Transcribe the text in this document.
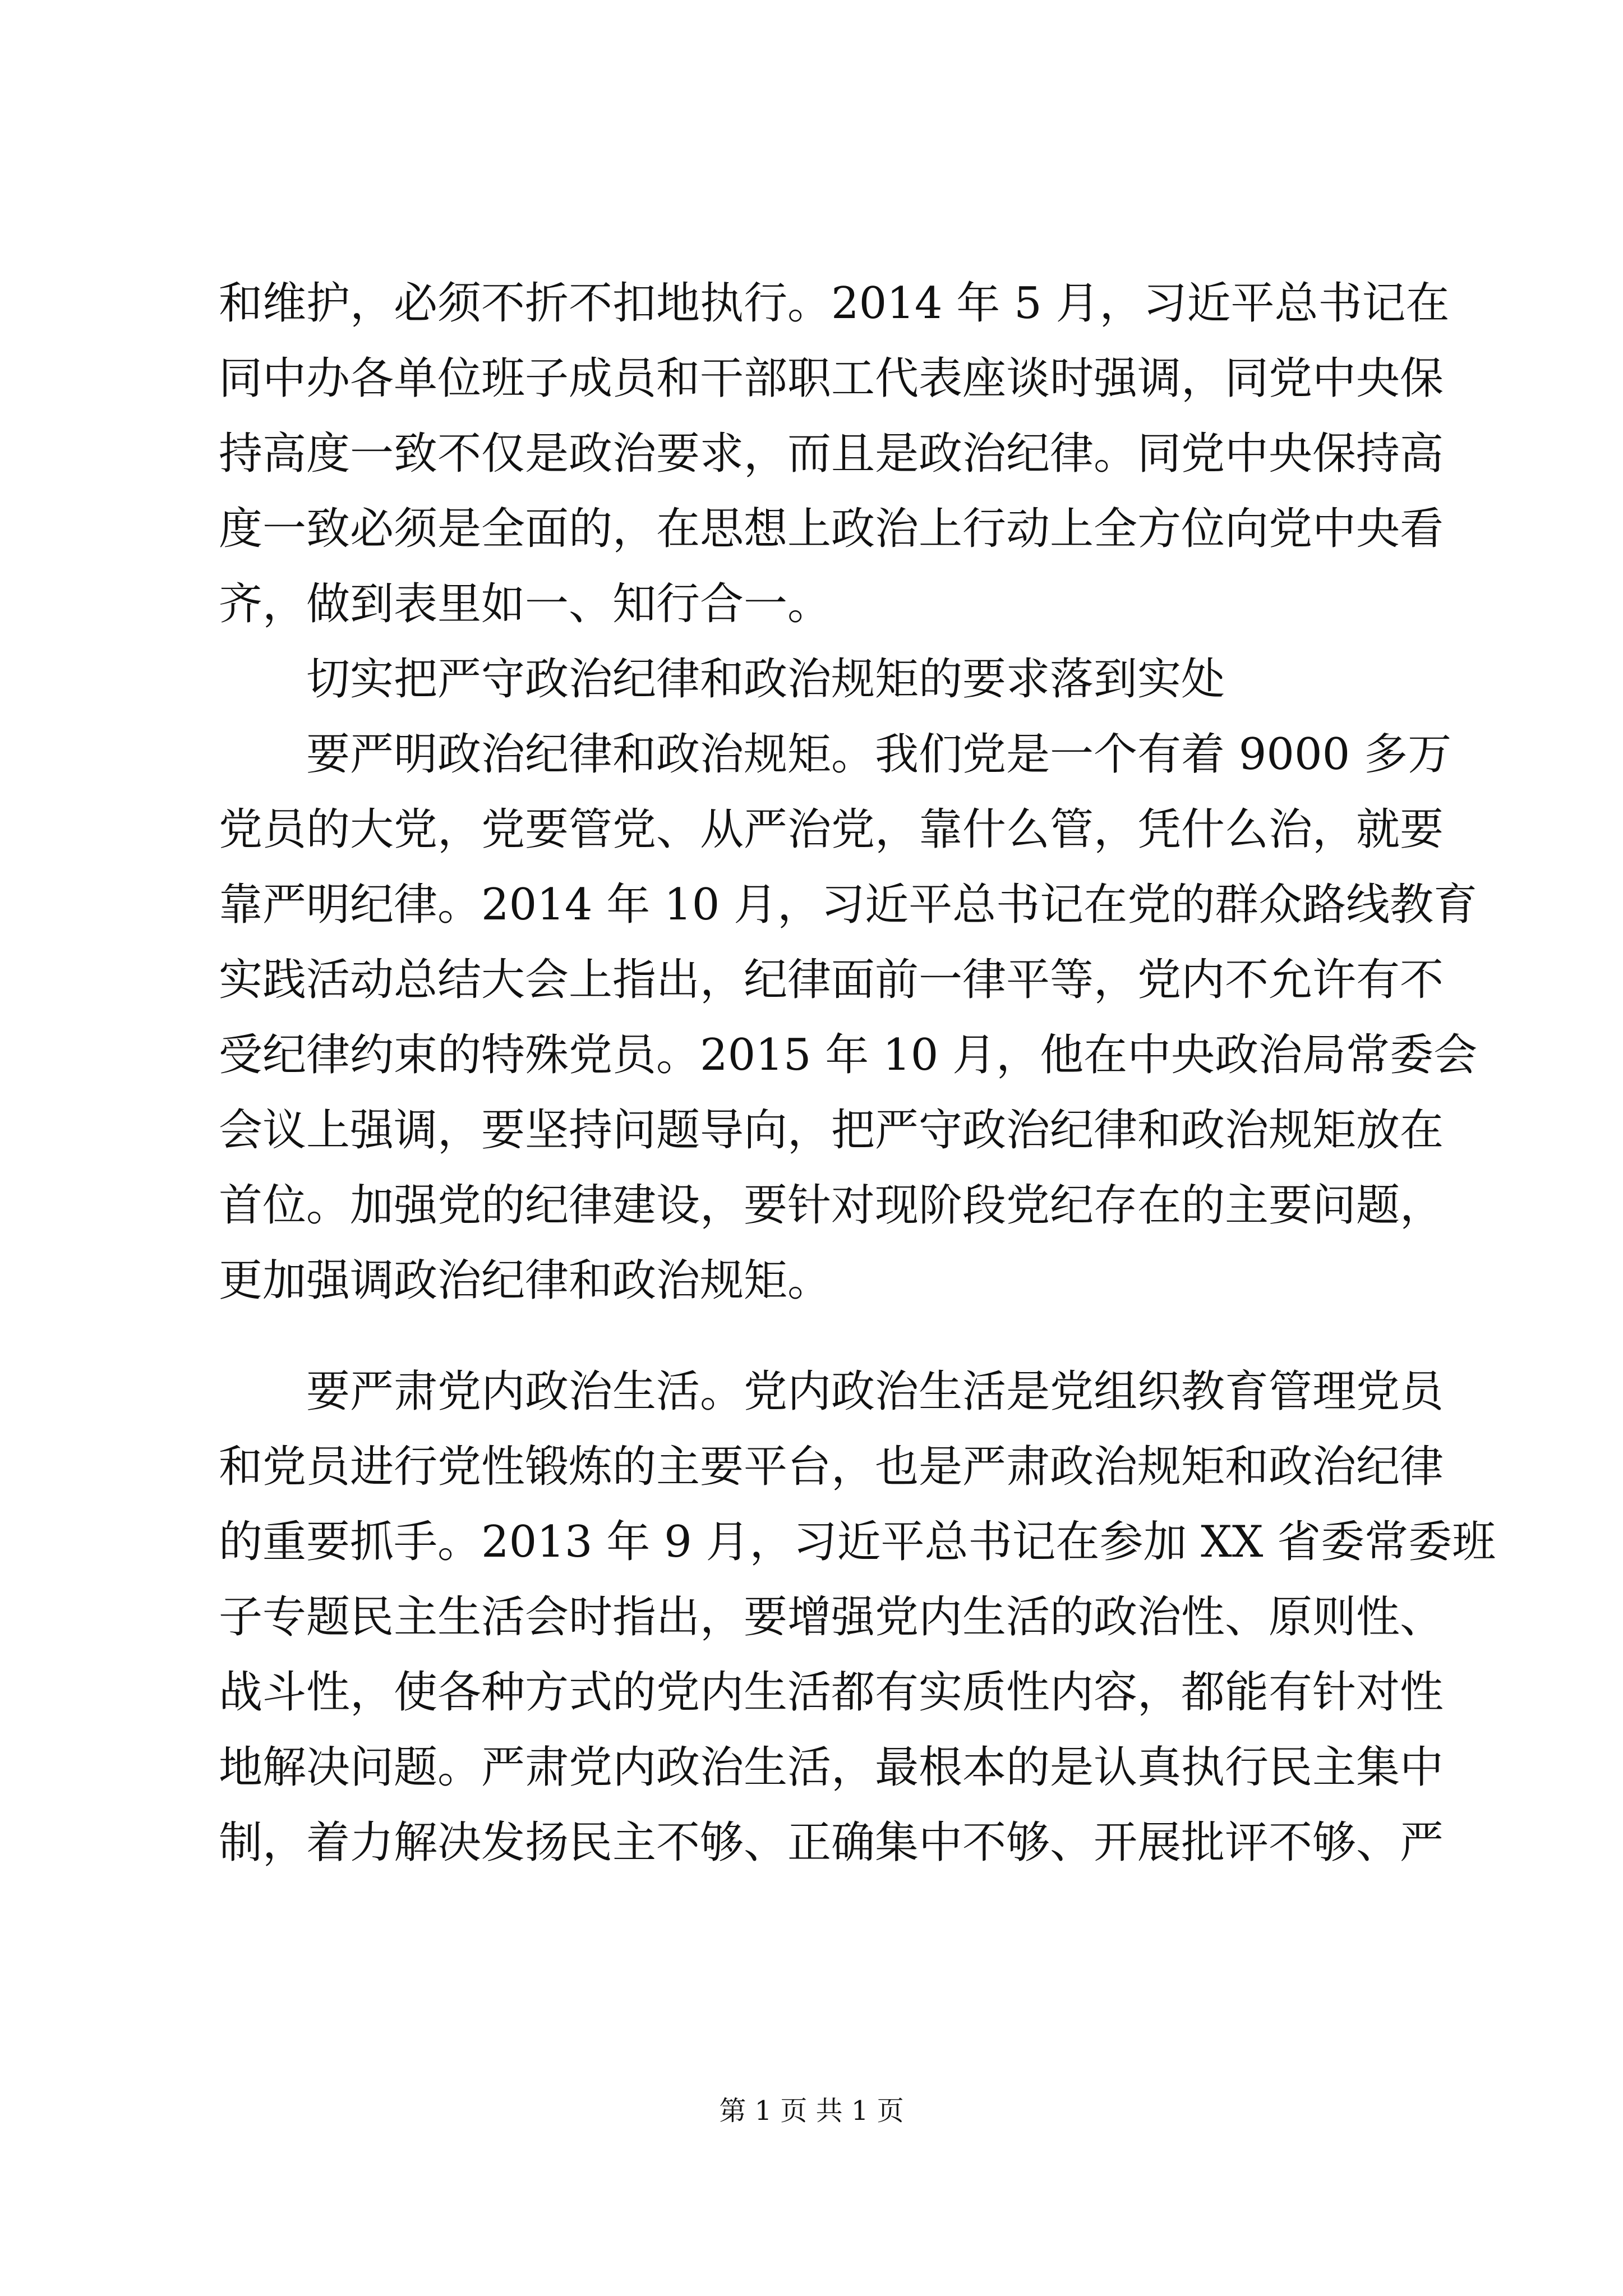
和维护，必须不折不扣地执行。2014 年 5 月，习近平总书记在
同中办各单位班子成员和干部职工代表座谈时强调，同党中央保
持高度一致不仅是政治要求，而且是政治纪律。同党中央保持高
度一致必须是全面的，在思想上政治上行动上全方位向党中央看
齐，做到表里如一、知行合一。
切实把严守政治纪律和政治规矩的要求落到实处
要严明政治纪律和政治规矩。我们党是一个有着 9000 多万
党员的大党，党要管党、从严治党，靠什么管，凭什么治，就要
靠严明纪律。2014 年 10 月，习近平总书记在党的群众路线教育
实践活动总结大会上指出，纪律面前一律平等，党内不允许有不
受纪律约束的特殊党员。2015 年 10 月，他在中央政治局常委会
会议上强调，要坚持问题导向，把严守政治纪律和政治规矩放在
首位。加强党的纪律建设，要针对现阶段党纪存在的主要问题，
更加强调政治纪律和政治规矩。
要严肃党内政治生活。党内政治生活是党组织教育管理党员
和党员进行党性锻炼的主要平台，也是严肃政治规矩和政治纪律
的重要抓手。2013 年 9 月，习近平总书记在参加 XX 省委常委班
子专题民主生活会时指出，要增强党内生活的政治性、原则性、
战斗性，使各种方式的党内生活都有实质性内容，都能有针对性
地解决问题。严肃党内政治生活，最根本的是认真执行民主集中
制，着力解决发扬民主不够、正确集中不够、开展批评不够、严
第 1 页 共 1 页
